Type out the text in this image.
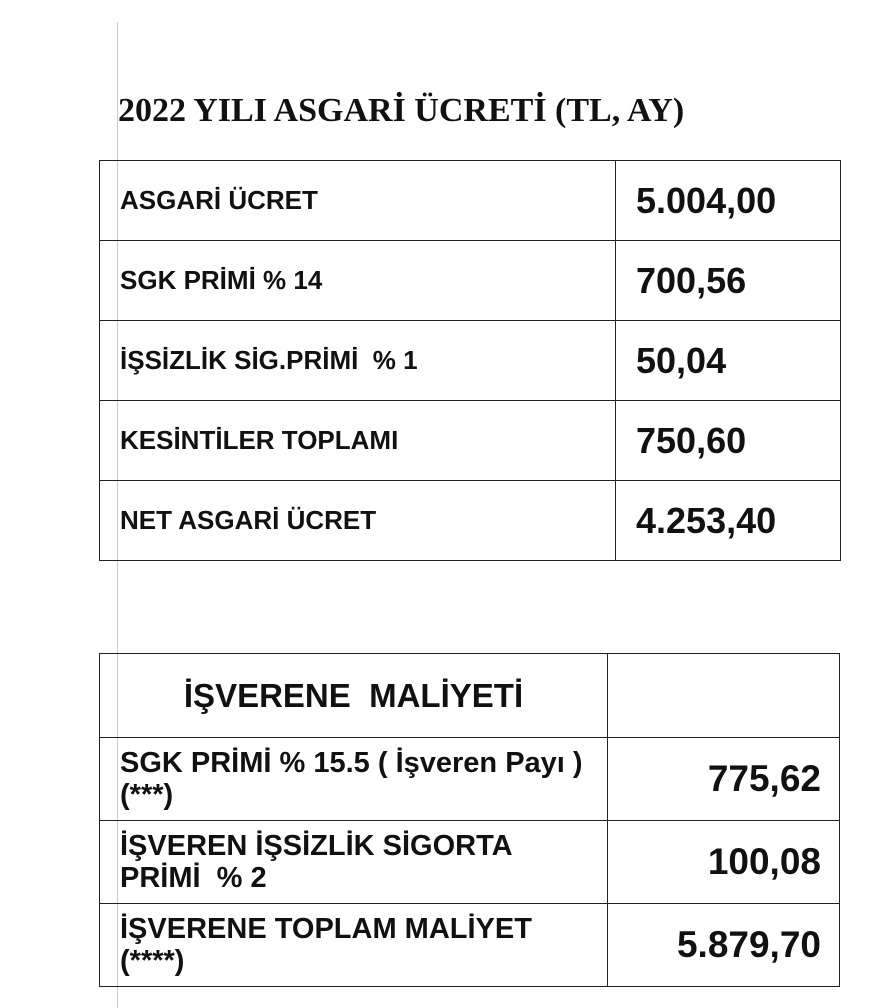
2022 YILI ASGARİ ÜCRETİ (TL, AY)
ASGARİ ÜCRET	5.004,00
SGK PRİMİ % 14	700,56
İŞSİZLİK SİG.PRİMİ  % 1	50,04
KESİNTİLER TOPLAMI	750,60
NET ASGARİ ÜCRET	4.253,40
İŞVERENE  MALİYETİ	
SGK PRİMİ % 15.5 ( İşveren Payı ) (***)	775,62
İŞVEREN İŞSİZLİK SİGORTA PRİMİ  % 2	100,08
İŞVERENE TOPLAM MALİYET (****)	5.879,70
